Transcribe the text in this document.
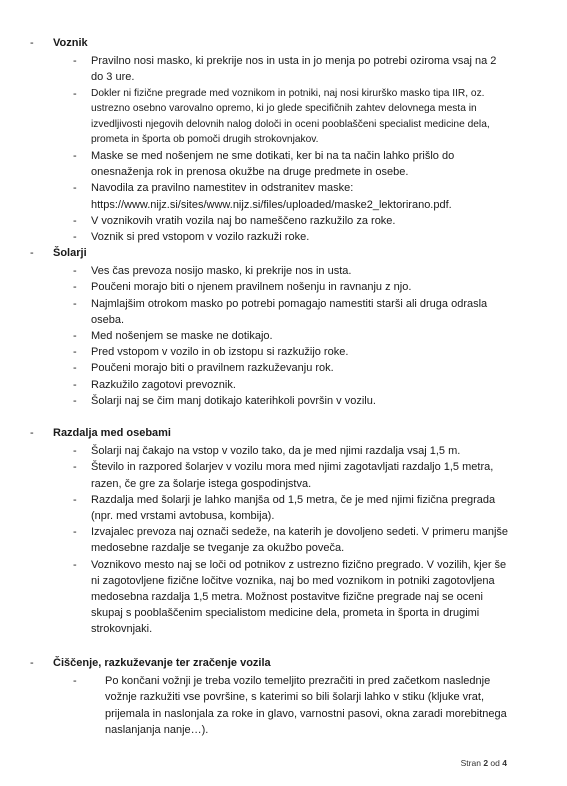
-	Voznik
-	Pravilno nosi masko, ki prekrije nos in usta in jo menja po potrebi oziroma vsaj na 2 do 3 ure.
-	Dokler ni fizične pregrade med voznikom in potniki, naj nosi kirurško masko tipa IIR, oz. ustrezno osebno varovalno opremo, ki jo glede specifičnih zahtev delovnega mesta in izvedljivosti njegovih delovnih nalog določi in oceni pooblaščeni specialist medicine dela, prometa in športa ob pomoči drugih strokovnjakov.
-	Maske se med nošenjem ne sme dotikati, ker bi na ta način lahko prišlo do onesnaženja rok in prenosa okužbe na druge predmete in osebe.
-	Navodila za pravilno namestitev in odstranitev maske: https://www.nijz.si/sites/www.nijz.si/files/uploaded/maske2_lektorirano.pdf.
-	V voznikovih vratih vozila naj bo nameščeno razkužilo za roke.
-	Voznik si pred vstopom v vozilo razkuži roke.
-	Šolarji
-	Ves čas prevoza nosijo masko, ki prekrije nos in usta.
-	Poučeni morajo biti o njenem pravilnem nošenju in ravnanju z njo.
-	Najmlajšim otrokom masko po potrebi pomagajo namestiti starši ali druga odrasla oseba.
-	Med nošenjem se maske ne dotikajo.
-	Pred vstopom v vozilo in ob izstopu si razkužijo roke.
-	Poučeni morajo biti o pravilnem razkuževanju rok.
-	Razkužilo zagotovi prevoznik.
-	Šolarji naj se čim manj dotikajo katerihkoli površin v vozilu.
-	Razdalja med osebami
-	Šolarji naj čakajo na vstop v vozilo tako, da je med njimi razdalja vsaj 1,5 m.
-	Število in razpored šolarjev v vozilu mora med njimi zagotavljati razdaljo 1,5 metra, razen, če gre za šolarje istega gospodinjstva.
-	Razdalja med šolarji je lahko manjša od 1,5 metra, če je med njimi fizična pregrada (npr. med vrstami avtobusa, kombija).
-	Izvajalec prevoza naj označi sedeže, na katerih je dovoljeno sedeti. V primeru manjše medosebne razdalje se tveganje za okužbo poveča.
-	Voznikovo mesto naj se loči od potnikov z ustrezno fizično pregrado. V vozilih, kjer še ni zagotovljene fizične ločitve voznika, naj bo med voznikom in potniki zagotovljena medosebna razdalja 1,5 metra. Možnost postavitve fizične pregrade naj se oceni skupaj s pooblaščenim specialistom medicine dela, prometa in športa in drugimi strokovnjaki.
-	Čiščenje, razkuževanje ter zračenje vozila
-	Po končani vožnji je treba vozilo temeljito prezračiti in pred začetkom naslednje vožnje razkužiti vse površine, s katerimi so bili šolarji lahko v stiku (kljuke vrat, prijemala in naslonjala za roke in glavo, varnostni pasovi, okna zaradi morebitnega naslanjanja nanje…).
Stran 2 od 4
